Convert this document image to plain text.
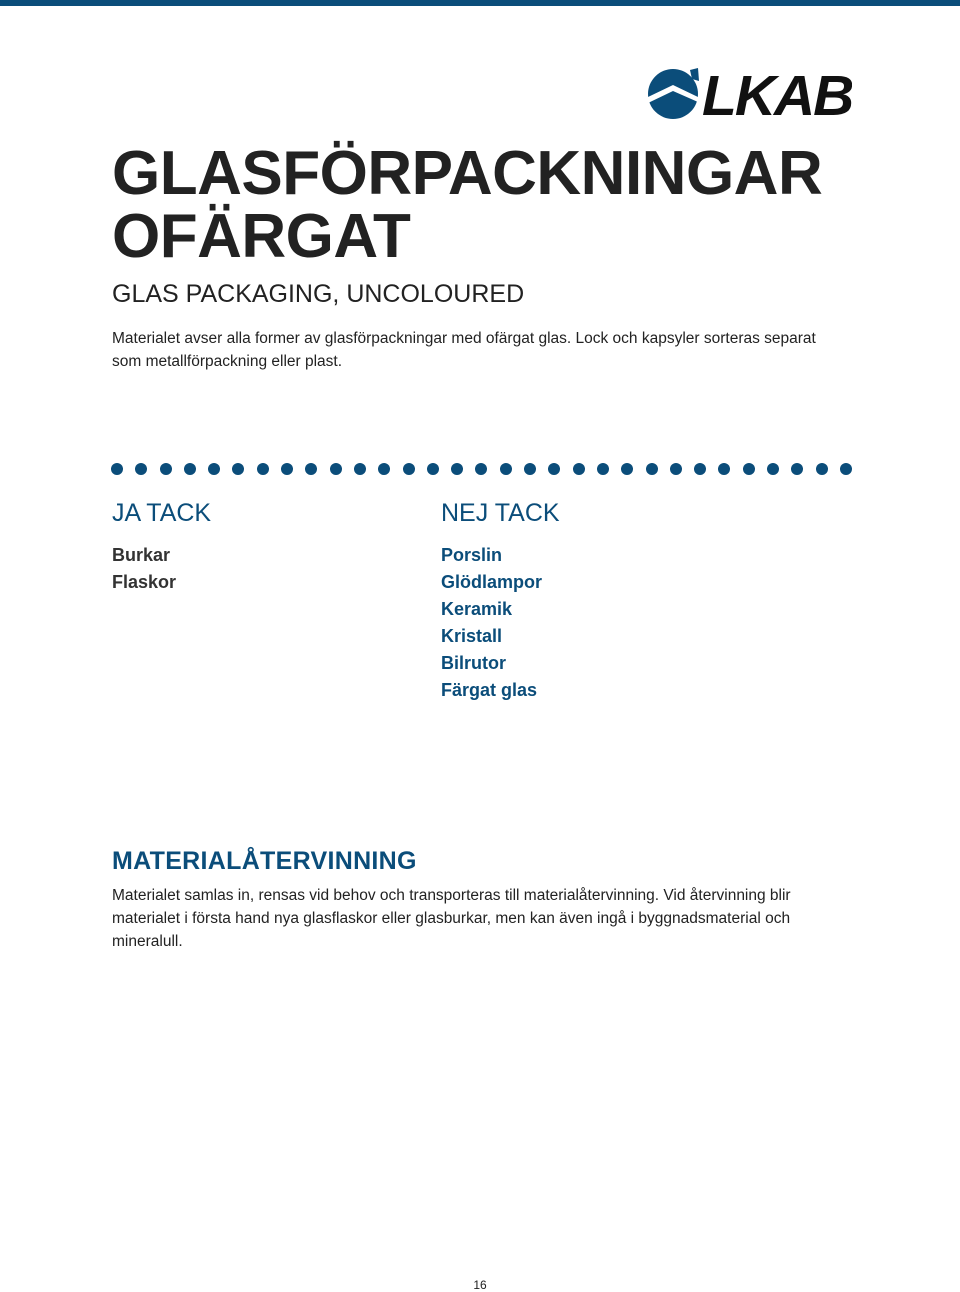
LKAB
GLASFÖRPACKNINGAR
OFÄRGAT
GLAS PACKAGING, UNCOLOURED

Materialet avser alla former av glasförpackningar med ofärgat glas. Lock och kapsyler sorteras separat som metallförpackning eller plast.

JA TACK
Burkar
Flaskor
NEJ TACK
Porslin
Glödlampor
Keramik
Kristall
Bilrutor
Färgat glas
MATERIALÅTERVINNING

Materialet samlas in, rensas vid behov och transporteras till materialåtervinning. Vid återvinning blir materialet i första hand nya glasflaskor eller glasburkar, men kan även ingå i byggnadsmaterial och mineralull.

16
